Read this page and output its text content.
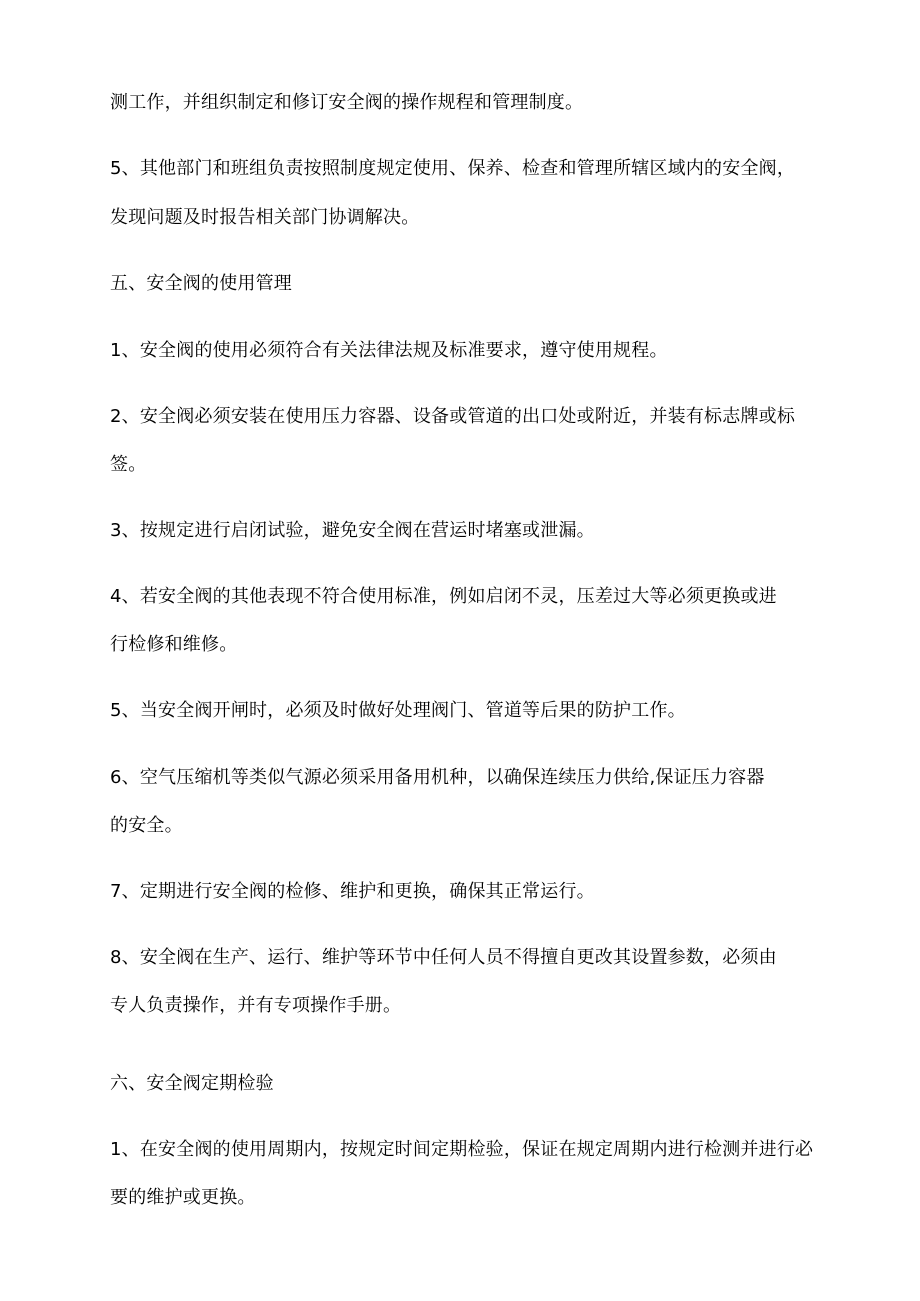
测工作，并组织制定和修订安全阀的操作规程和管理制度。
5、其他部门和班组负责按照制度规定使用、保养、检查和管理所辖区域内的安全阀，
发现问题及时报告相关部门协调解决。
五、安全阀的使用管理
1、安全阀的使用必须符合有关法律法规及标准要求，遵守使用规程。
2、安全阀必须安装在使用压力容器、设备或管道的出口处或附近，并装有标志牌或标
签。
3、按规定进行启闭试验，避免安全阀在营运时堵塞或泄漏。
4、若安全阀的其他表现不符合使用标准，例如启闭不灵，压差过大等必须更换或进
行检修和维修。
5、当安全阀开闸时，必须及时做好处理阀门、管道等后果的防护工作。
6、空气压缩机等类似气源必须采用备用机种，以确保连续压力供给,保证压力容器
的安全。
7、定期进行安全阀的检修、维护和更换，确保其正常运行。
8、安全阀在生产、运行、维护等环节中任何人员不得擅自更改其设置参数，必须由
专人负责操作，并有专项操作手册。
六、安全阀定期检验
1、在安全阀的使用周期内，按规定时间定期检验，保证在规定周期内进行检测并进行必
要的维护或更换。
